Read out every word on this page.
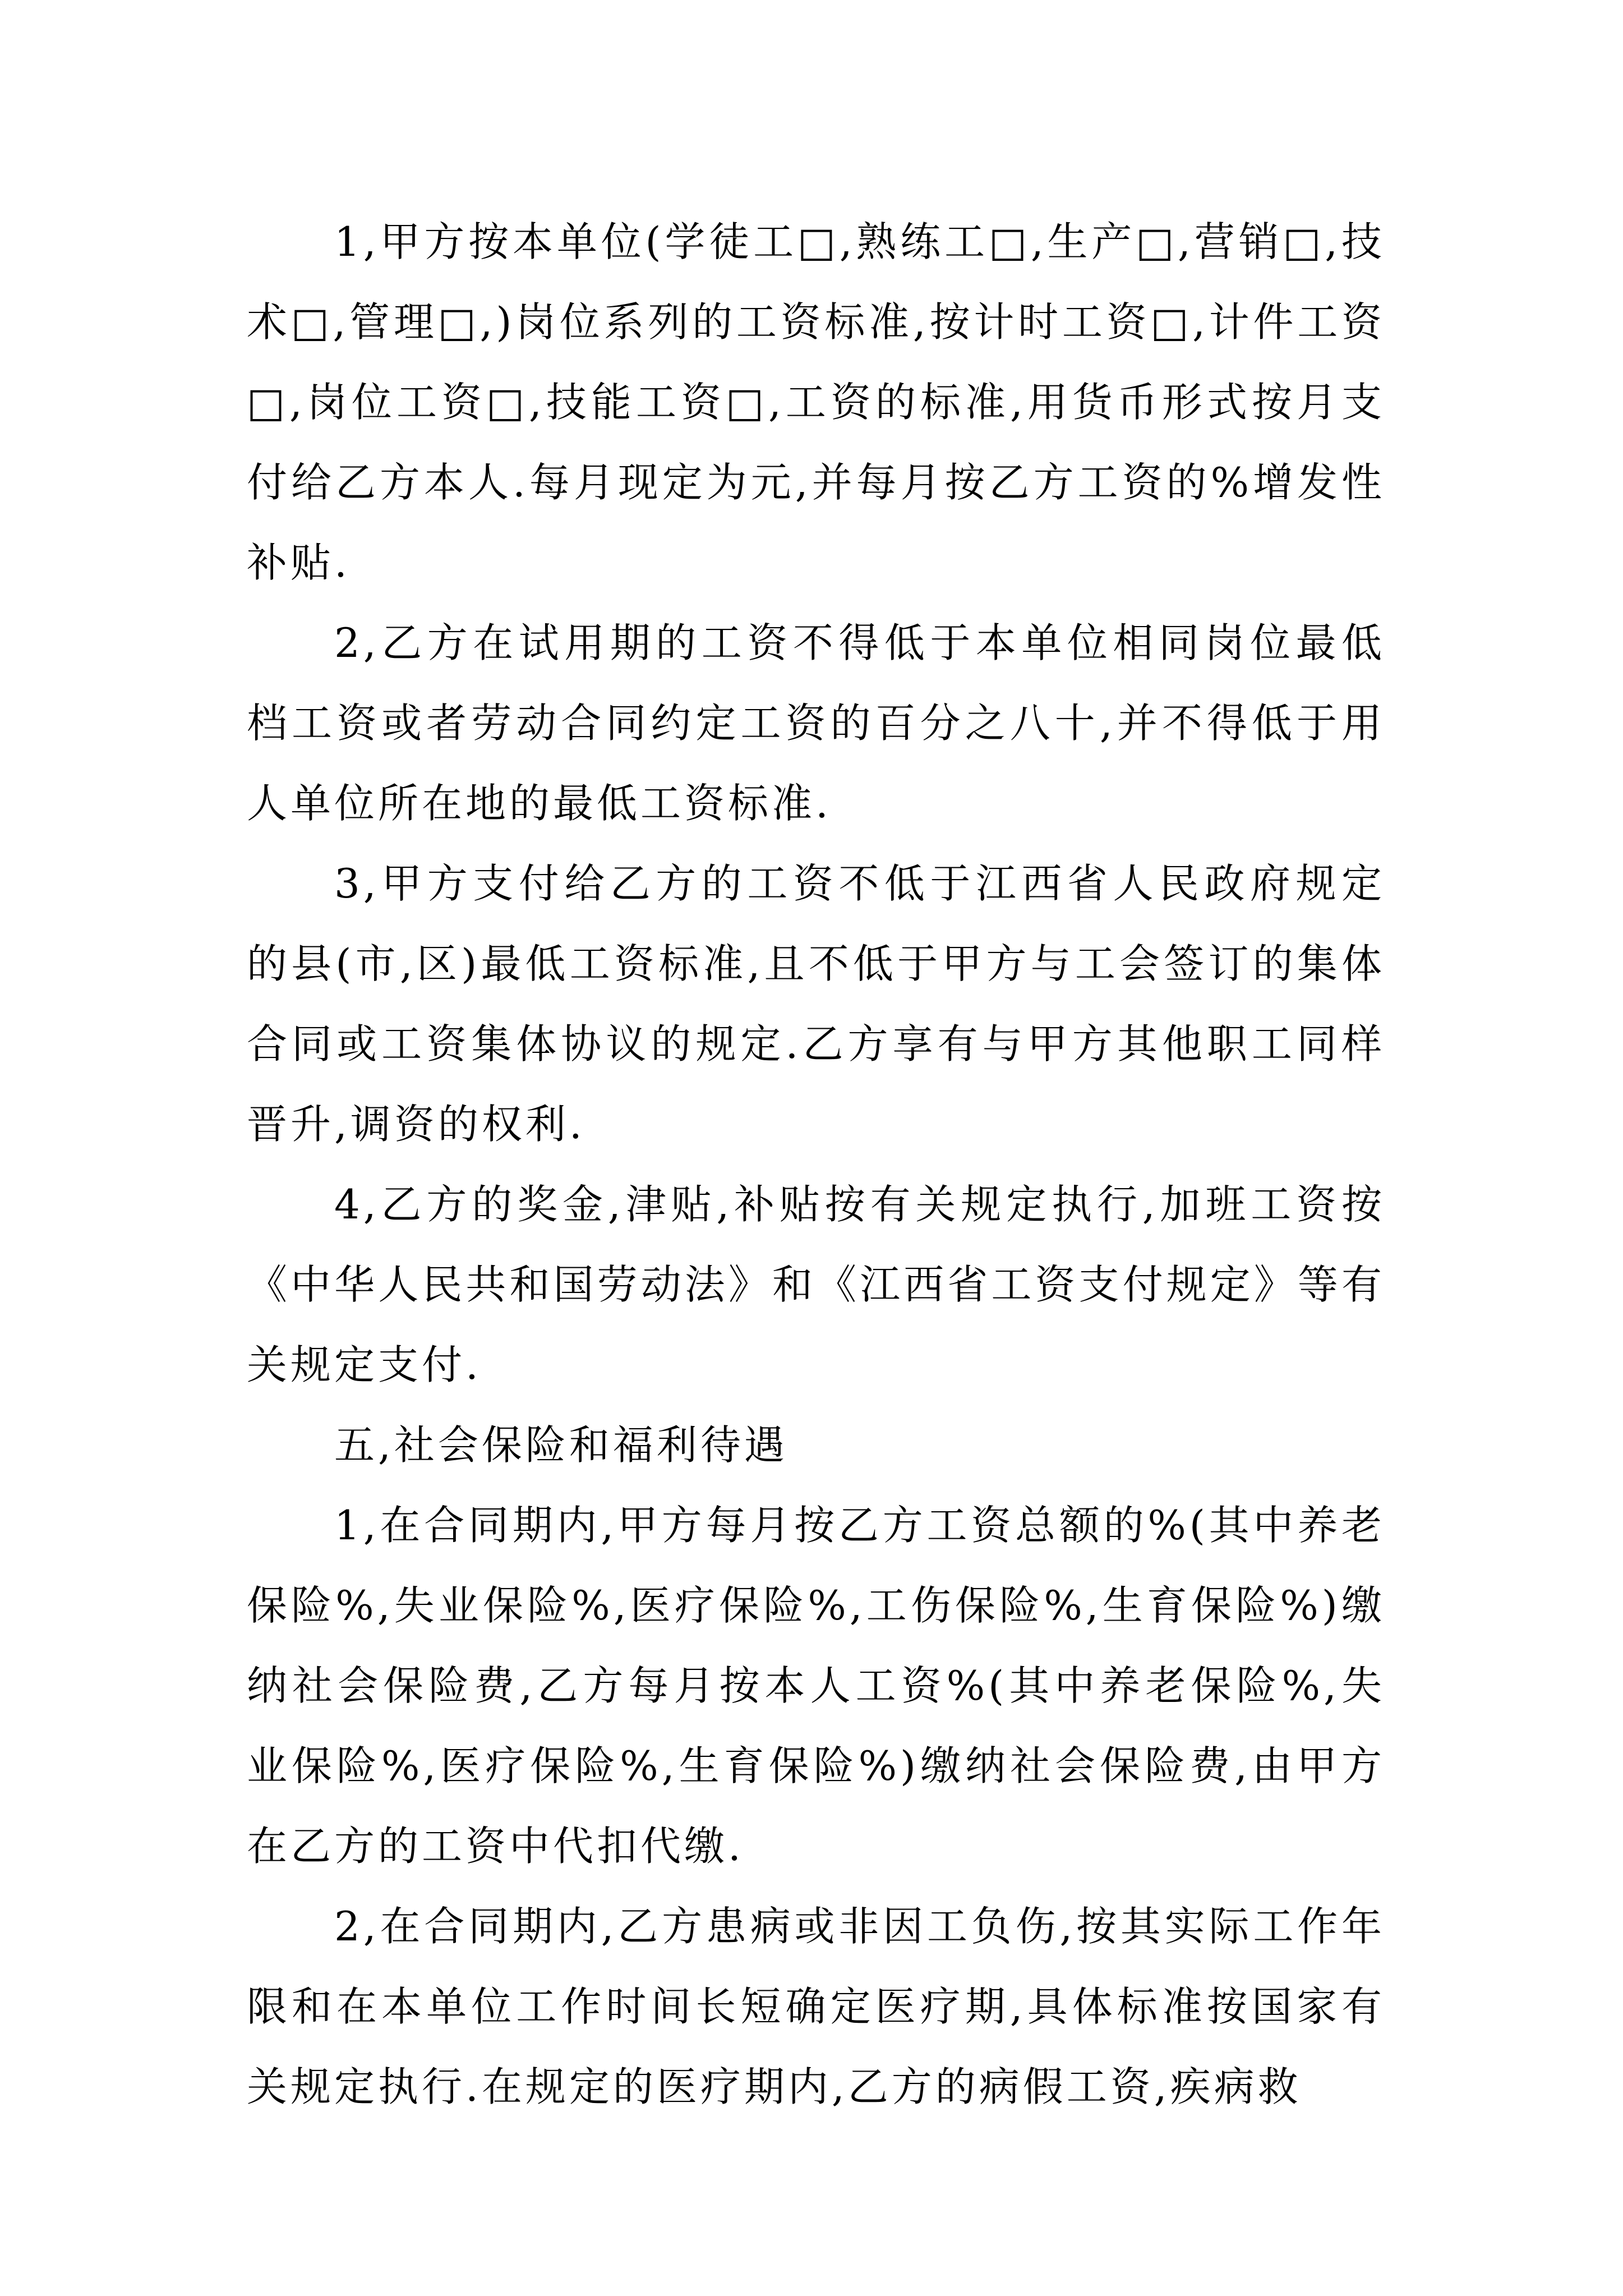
1,甲方按本单位(学徒工□,熟练工□,生产□,营销□,技术□,管理□,)岗位系列的工资标准,按计时工资□,计件工资□,岗位工资□,技能工资□,工资的标准,用货币形式按月支付给乙方本人.每月现定为元,并每月按乙方工资的%增发性补贴.

2,乙方在试用期的工资不得低于本单位相同岗位最低档工资或者劳动合同约定工资的百分之八十,并不得低于用人单位所在地的最低工资标准.

3,甲方支付给乙方的工资不低于江西省人民政府规定的县(市,区)最低工资标准,且不低于甲方与工会签订的集体合同或工资集体协议的规定.乙方享有与甲方其他职工同样晋升,调资的权利.

4,乙方的奖金,津贴,补贴按有关规定执行,加班工资按《中华人民共和国劳动法》和《江西省工资支付规定》等有关规定支付.

五,社会保险和福利待遇

1,在合同期内,甲方每月按乙方工资总额的%(其中养老保险%,失业保险%,医疗保险%,工伤保险%,生育保险%)缴纳社会保险费,乙方每月按本人工资%(其中养老保险%,失业保险%,医疗保险%,生育保险%)缴纳社会保险费,由甲方在乙方的工资中代扣代缴.

2,在合同期内,乙方患病或非因工负伤,按其实际工作年限和在本单位工作时间长短确定医疗期,具体标准按国家有关规定执行.在规定的医疗期内,乙方的病假工资,疾病救
